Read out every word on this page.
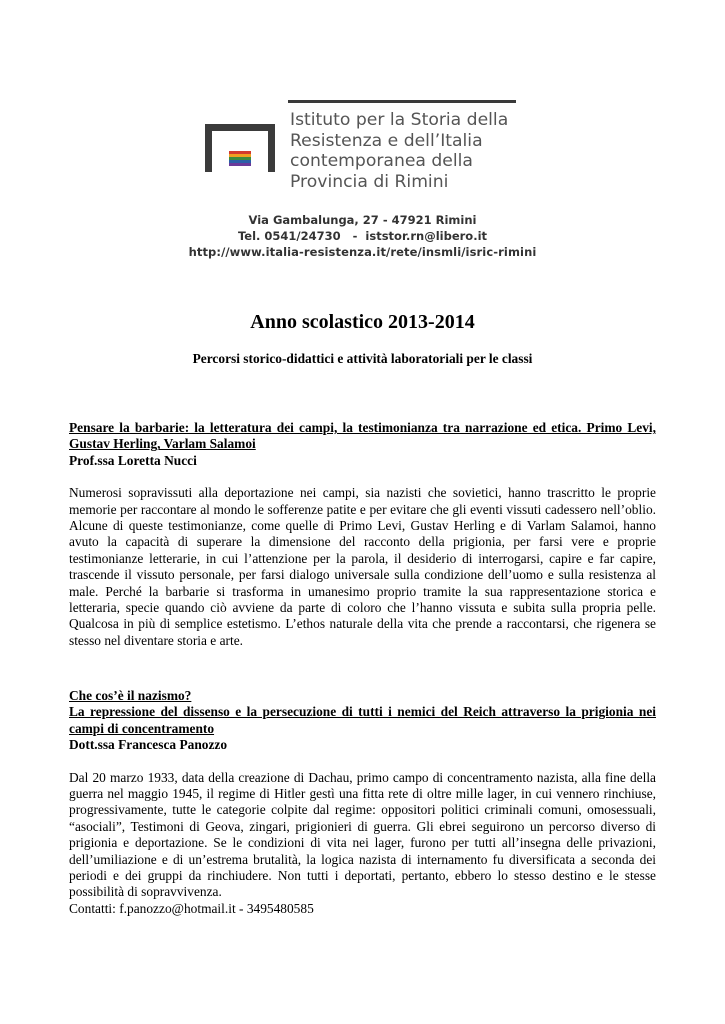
Istituto per la Storia della
Resistenza e dell’Italia
contemporanea della
Provincia di Rimini
Via Gambalunga, 27 - 47921 Rimini
Tel. 0541/24730   -  iststor.rn@libero.it
http://www.italia-resistenza.it/rete/insmli/isric-rimini
Anno scolastico 2013-2014
Percorsi storico-didattici e attività laboratoriali per le classi
Pensare la barbarie: la letteratura dei campi, la testimonianza tra narrazione ed etica. Primo Levi, Gustav Herling, Varlam Salamoi
Prof.ssa Loretta Nucci
Numerosi sopravissuti alla deportazione nei campi, sia nazisti che sovietici, hanno trascritto le proprie memorie per raccontare al mondo le sofferenze patite e per evitare che gli eventi vissuti cadessero nell’oblio. Alcune di queste testimonianze, come quelle di Primo Levi, Gustav Herling e di Varlam Salamoi, hanno avuto la capacità di superare la dimensione del racconto della prigionia, per farsi vere e proprie testimonianze letterarie, in cui l’attenzione per la parola, il desiderio di interrogarsi, capire e far capire, trascende il vissuto personale, per farsi dialogo universale sulla condizione dell’uomo e sulla resistenza al male. Perché la barbarie si trasforma in umanesimo proprio tramite la sua rappresentazione storica e letteraria, specie quando ciò avviene da parte di coloro che l’hanno vissuta e subita sulla propria pelle. Qualcosa in più di semplice estetismo. L’ethos naturale della vita che prende a raccontarsi, che rigenera se stesso nel diventare storia e arte.
Che cos’è il nazismo?
La repressione del dissenso e la persecuzione di tutti i nemici del Reich attraverso la prigionia nei campi di concentramento
Dott.ssa Francesca Panozzo
Dal 20 marzo 1933, data della creazione di Dachau, primo campo di concentramento nazista, alla fine della guerra nel maggio 1945, il regime di Hitler gestì una fitta rete di oltre mille lager, in cui vennero rinchiuse, progressivamente, tutte le categorie colpite dal regime: oppositori politici criminali comuni, omosessuali, “asociali”, Testimoni di Geova, zingari, prigionieri di guerra. Gli ebrei seguirono un percorso diverso di prigionia e deportazione. Se le condizioni di vita nei lager, furono per tutti all’insegna delle privazioni, dell’umiliazione e di un’estrema brutalità, la logica nazista di internamento fu diversificata a seconda dei periodi e dei gruppi da rinchiudere. Non tutti i deportati, pertanto, ebbero lo stesso destino e le stesse possibilità di sopravvivenza.
Contatti: f.panozzo@hotmail.it - 3495480585
